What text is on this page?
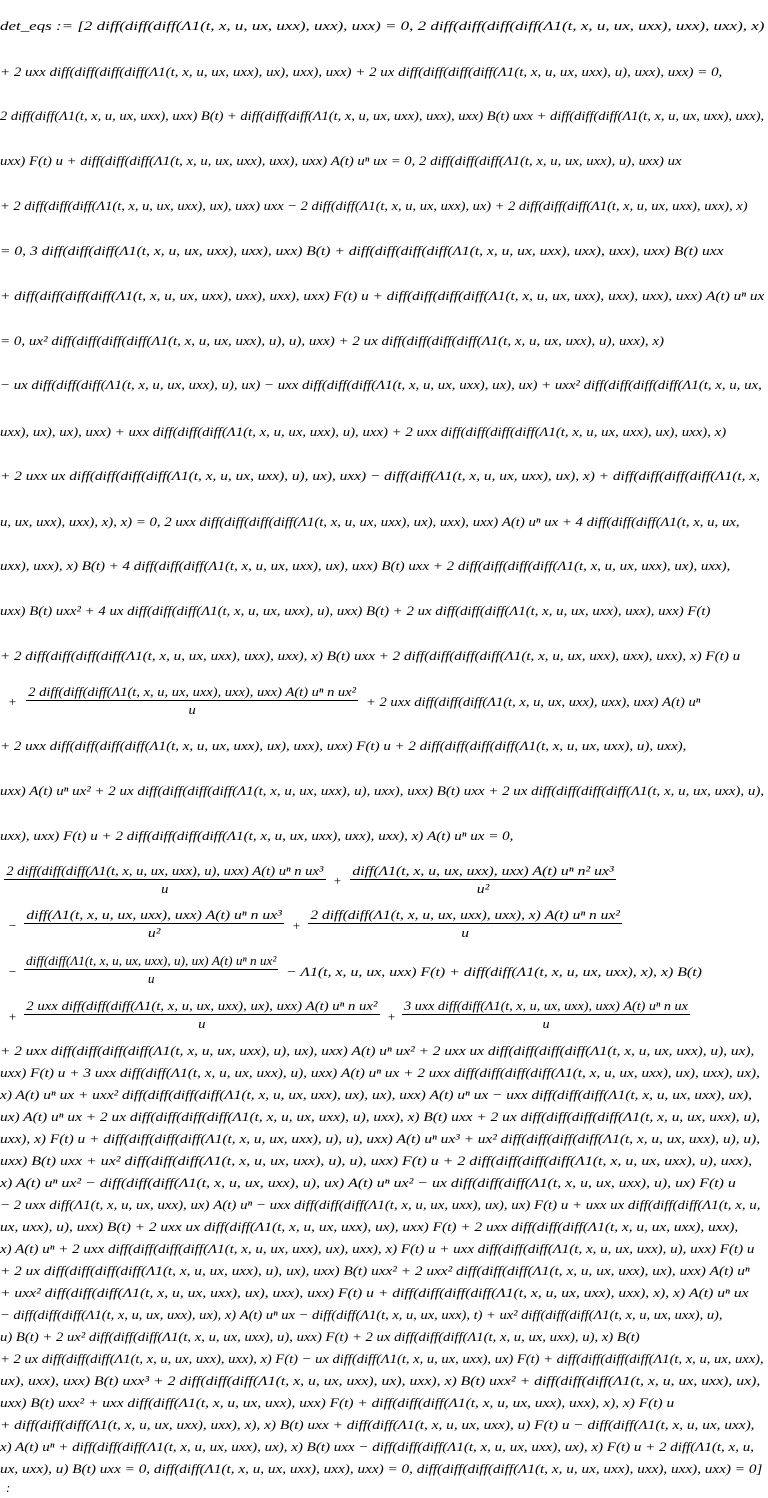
det_eqs := [2 diff(diff(diff(Λ1(t, x, u, ux, uxx), uxx), uxx) = 0, 2 diff(diff(diff(diff(Λ1(t, x, u, ux, uxx), uxx), uxx), x)
+ 2 uxx diff(diff(diff(diff(Λ1(t, x, u, ux, uxx), ux), uxx), uxx) + 2 ux diff(diff(diff(diff(Λ1(t, x, u, ux, uxx), u), uxx), uxx) = 0,
2 diff(diff(Λ1(t, x, u, ux, uxx), uxx) B(t) + diff(diff(diff(Λ1(t, x, u, ux, uxx), uxx), uxx) B(t) uxx + diff(diff(diff(Λ1(t, x, u, ux, uxx), uxx),
uxx) F(t) u + diff(diff(diff(Λ1(t, x, u, ux, uxx), uxx), uxx) A(t) uⁿ ux = 0, 2 diff(diff(diff(Λ1(t, x, u, ux, uxx), u), uxx) ux
+ 2 diff(diff(diff(Λ1(t, x, u, ux, uxx), ux), uxx) uxx − 2 diff(diff(Λ1(t, x, u, ux, uxx), ux) + 2 diff(diff(diff(Λ1(t, x, u, ux, uxx), uxx), x)
= 0, 3 diff(diff(diff(Λ1(t, x, u, ux, uxx), uxx), uxx) B(t) + diff(diff(diff(diff(Λ1(t, x, u, ux, uxx), uxx), uxx), uxx) B(t) uxx
+ diff(diff(diff(diff(Λ1(t, x, u, ux, uxx), uxx), uxx), uxx) F(t) u + diff(diff(diff(diff(Λ1(t, x, u, ux, uxx), uxx), uxx), uxx) A(t) uⁿ ux
= 0, ux² diff(diff(diff(diff(Λ1(t, x, u, ux, uxx), u), u), uxx) + 2 ux diff(diff(diff(diff(Λ1(t, x, u, ux, uxx), u), uxx), x)
− ux diff(diff(diff(Λ1(t, x, u, ux, uxx), u), ux) − uxx diff(diff(diff(Λ1(t, x, u, ux, uxx), ux), ux) + uxx² diff(diff(diff(diff(Λ1(t, x, u, ux,
uxx), ux), ux), uxx) + uxx diff(diff(diff(Λ1(t, x, u, ux, uxx), u), uxx) + 2 uxx diff(diff(diff(diff(Λ1(t, x, u, ux, uxx), ux), uxx), x)
+ 2 uxx ux diff(diff(diff(diff(Λ1(t, x, u, ux, uxx), u), ux), uxx) − diff(diff(Λ1(t, x, u, ux, uxx), ux), x) + diff(diff(diff(diff(Λ1(t, x,
u, ux, uxx), uxx), x), x) = 0, 2 uxx diff(diff(diff(diff(Λ1(t, x, u, ux, uxx), ux), uxx), uxx) A(t) uⁿ ux + 4 diff(diff(diff(Λ1(t, x, u, ux,
uxx), uxx), x) B(t) + 4 diff(diff(diff(Λ1(t, x, u, ux, uxx), ux), uxx) B(t) uxx + 2 diff(diff(diff(diff(Λ1(t, x, u, ux, uxx), ux), uxx),
uxx) B(t) uxx² + 4 ux diff(diff(diff(Λ1(t, x, u, ux, uxx), u), uxx) B(t) + 2 ux diff(diff(diff(Λ1(t, x, u, ux, uxx), uxx), uxx) F(t)
+ 2 diff(diff(diff(diff(Λ1(t, x, u, ux, uxx), uxx), uxx), x) B(t) uxx + 2 diff(diff(diff(diff(Λ1(t, x, u, ux, uxx), uxx), uxx), x) F(t) u
+
2 diff(diff(diff(Λ1(t, x, u, ux, uxx), uxx), uxx) A(t) uⁿ n ux²
u
+ 2 uxx diff(diff(diff(Λ1(t, x, u, ux, uxx), uxx), uxx) A(t) uⁿ
+ 2 uxx diff(diff(diff(diff(Λ1(t, x, u, ux, uxx), ux), uxx), uxx) F(t) u + 2 diff(diff(diff(diff(Λ1(t, x, u, ux, uxx), u), uxx),
uxx) A(t) uⁿ ux² + 2 ux diff(diff(diff(diff(Λ1(t, x, u, ux, uxx), u), uxx), uxx) B(t) uxx + 2 ux diff(diff(diff(diff(Λ1(t, x, u, ux, uxx), u),
uxx), uxx) F(t) u + 2 diff(diff(diff(diff(Λ1(t, x, u, ux, uxx), uxx), uxx), x) A(t) uⁿ ux = 0,
2 diff(diff(diff(Λ1(t, x, u, ux, uxx), u), uxx) A(t) uⁿ n ux³
u
+
diff(Λ1(t, x, u, ux, uxx), uxx) A(t) uⁿ n² ux³
u²
−
diff(Λ1(t, x, u, ux, uxx), uxx) A(t) uⁿ n ux³
u²	+
2 diff(diff(Λ1(t, x, u, ux, uxx), uxx), x) A(t) uⁿ n ux²
u
−
diff(diff(Λ1(t, x, u, ux, uxx), u), ux) A(t) uⁿ n ux²
u	− Λ1(t, x, u, ux, uxx) F(t) + diff(diff(Λ1(t, x, u, ux, uxx), x), x) B(t)
+
2 uxx diff(diff(diff(Λ1(t, x, u, ux, uxx), ux), uxx) A(t) uⁿ n ux²
u	+
3 uxx diff(diff(Λ1(t, x, u, ux, uxx), uxx) A(t) uⁿ n ux
u
+ 2 uxx diff(diff(diff(diff(Λ1(t, x, u, ux, uxx), u), ux), uxx) A(t) uⁿ ux² + 2 uxx ux diff(diff(diff(diff(Λ1(t, x, u, ux, uxx), u), ux),
uxx) F(t) u + 3 uxx diff(diff(Λ1(t, x, u, ux, uxx), u), uxx) A(t) uⁿ ux + 2 uxx diff(diff(diff(diff(Λ1(t, x, u, ux, uxx), ux), uxx), ux),
x) A(t) uⁿ ux + uxx² diff(diff(diff(diff(Λ1(t, x, u, ux, uxx), ux), ux), uxx) A(t) uⁿ ux − uxx diff(diff(diff(Λ1(t, x, u, ux, uxx), ux),
ux) A(t) uⁿ ux + 2 ux diff(diff(diff(diff(Λ1(t, x, u, ux, uxx), u), uxx), x) B(t) uxx + 2 ux diff(diff(diff(diff(Λ1(t, x, u, ux, uxx), u),
uxx), x) F(t) u + diff(diff(diff(diff(Λ1(t, x, u, ux, uxx), u), u), uxx) A(t) uⁿ ux³ + ux² diff(diff(diff(diff(Λ1(t, x, u, ux, uxx), u), u),
uxx) B(t) uxx + ux² diff(diff(diff(Λ1(t, x, u, ux, uxx), u), u), uxx) F(t) u + 2 diff(diff(diff(diff(Λ1(t, x, u, ux, uxx), u), uxx),
x) A(t) uⁿ ux² − diff(diff(diff(Λ1(t, x, u, ux, uxx), u), ux) A(t) uⁿ ux² − ux diff(diff(diff(Λ1(t, x, u, ux, uxx), u), ux) F(t) u
− 2 uxx diff(Λ1(t, x, u, ux, uxx), ux) A(t) uⁿ − uxx diff(diff(diff(Λ1(t, x, u, ux, uxx), ux), ux) F(t) u + uxx ux diff(diff(diff(Λ1(t, x, u,
ux, uxx), u), uxx) B(t) + 2 uxx ux diff(diff(Λ1(t, x, u, ux, uxx), ux), uxx) F(t) + 2 uxx diff(diff(diff(Λ1(t, x, u, ux, uxx), uxx),
x) A(t) uⁿ + 2 uxx diff(diff(diff(diff(Λ1(t, x, u, ux, uxx), ux), uxx), x) F(t) u + uxx diff(diff(diff(Λ1(t, x, u, ux, uxx), u), uxx) F(t) u
+ 2 ux diff(diff(diff(diff(Λ1(t, x, u, ux, uxx), u), ux), uxx) B(t) uxx² + 2 uxx² diff(diff(diff(Λ1(t, x, u, ux, uxx), ux), uxx) A(t) uⁿ
+ uxx² diff(diff(diff(Λ1(t, x, u, ux, uxx), ux), uxx), uxx) F(t) u + diff(diff(diff(diff(Λ1(t, x, u, ux, uxx), uxx), x), x) A(t) uⁿ ux
− diff(diff(diff(Λ1(t, x, u, ux, uxx), ux), x) A(t) uⁿ ux − diff(diff(Λ1(t, x, u, ux, uxx), t) + ux² diff(diff(diff(Λ1(t, x, u, ux, uxx), u),
u) B(t) + 2 ux² diff(diff(diff(Λ1(t, x, u, ux, uxx), u), uxx) F(t) + 2 ux diff(diff(diff(Λ1(t, x, u, ux, uxx), u), x) B(t)
+ 2 ux diff(diff(diff(Λ1(t, x, u, ux, uxx), uxx), x) F(t) − ux diff(diff(Λ1(t, x, u, ux, uxx), ux) F(t) + diff(diff(diff(diff(Λ1(t, x, u, ux, uxx),
ux), uxx), uxx) B(t) uxx³ + 2 diff(diff(diff(Λ1(t, x, u, ux, uxx), ux), uxx), x) B(t) uxx² + diff(diff(diff(Λ1(t, x, u, ux, uxx), ux),
uxx) B(t) uxx² + uxx diff(diff(Λ1(t, x, u, ux, uxx), uxx) F(t) + diff(diff(diff(Λ1(t, x, u, ux, uxx), uxx), x), x) F(t) u
+ diff(diff(diff(Λ1(t, x, u, ux, uxx), uxx), x), x) B(t) uxx + diff(diff(Λ1(t, x, u, ux, uxx), u) F(t) u − diff(diff(Λ1(t, x, u, ux, uxx),
x) A(t) uⁿ + diff(diff(diff(Λ1(t, x, u, ux, uxx), ux), x) B(t) uxx − diff(diff(diff(Λ1(t, x, u, ux, uxx), ux), x) F(t) u + 2 diff(Λ1(t, x, u,
ux, uxx), u) B(t) uxx = 0, diff(diff(Λ1(t, x, u, ux, uxx), uxx), uxx) = 0, diff(diff(diff(diff(Λ1(t, x, u, ux, uxx), uxx), uxx), uxx) = 0]
:
